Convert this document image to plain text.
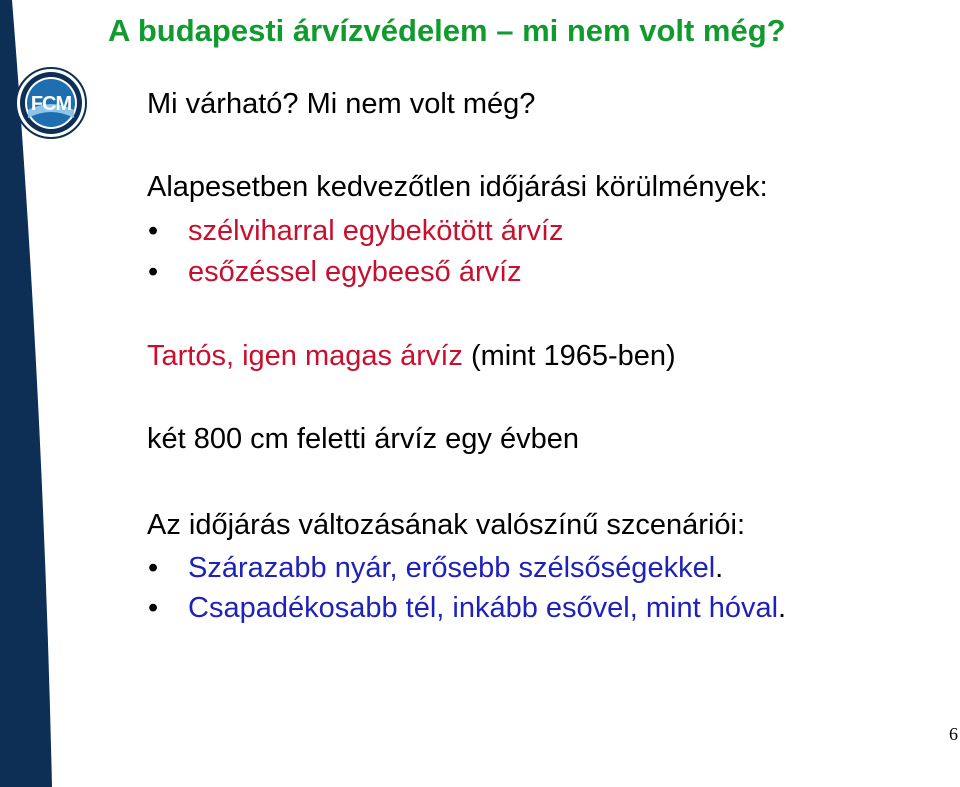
FCM
A budapesti árvízvédelem – mi nem volt még?

Mi várható? Mi nem volt még?

Alapesetben kedvezőtlen időjárási körülmények:

• szélviharral egybekötött árvíz

• esőzéssel egybeeső árvíz

Tartós, igen magas árvíz (mint 1965-ben)

két 800 cm feletti árvíz egy évben

Az időjárás változásának valószínű szcenáriói:

• Szárazabb nyár, erősebb szélsőségekkel.

• Csapadékosabb tél, inkább esővel, mint hóval.

6
